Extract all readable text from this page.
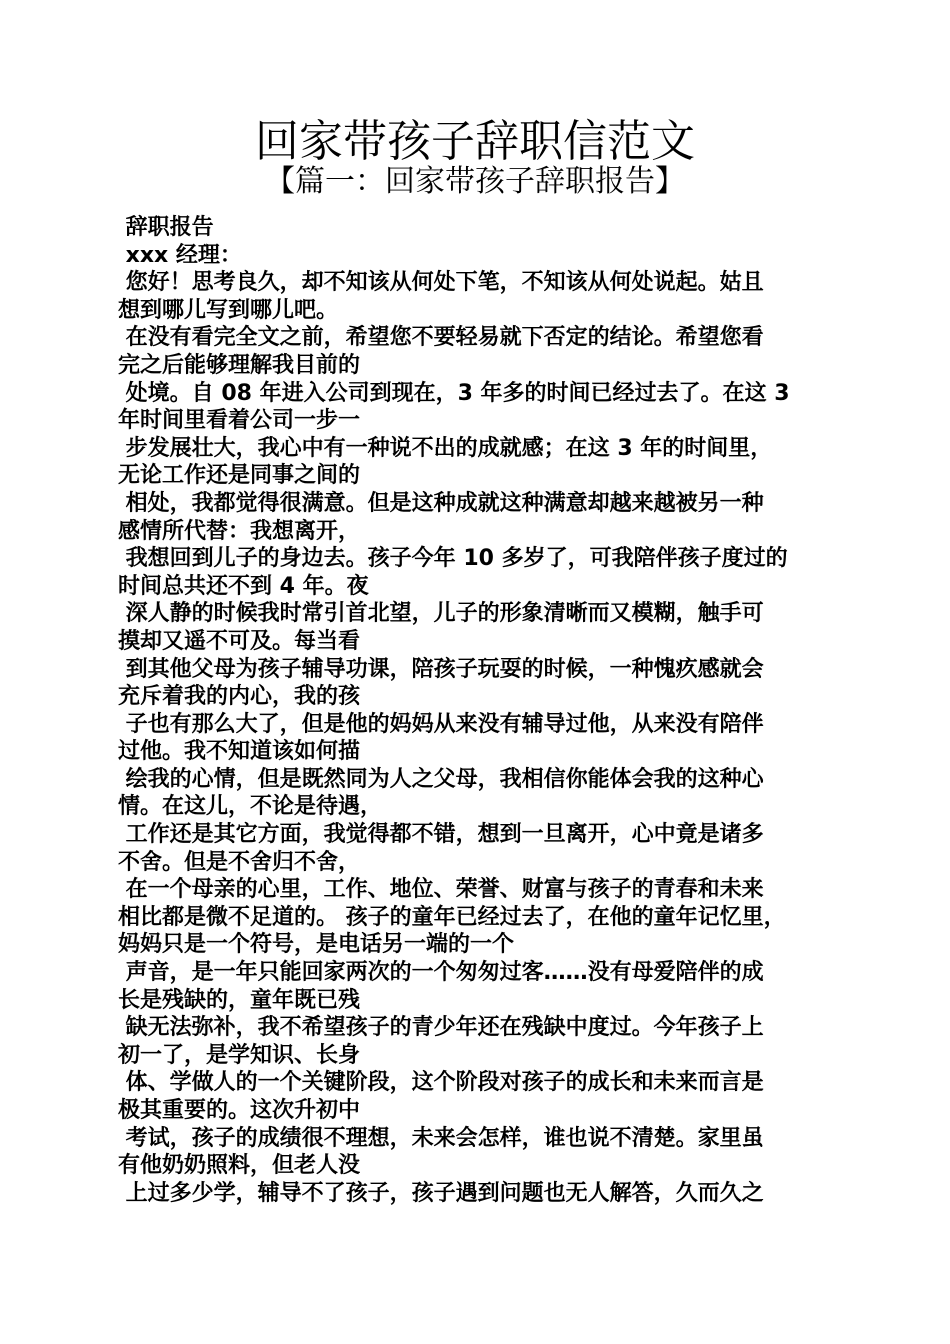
回家带孩子辞职信范文
【篇一：回家带孩子辞职报告】
辞职报告
xxx 经理：
您好！思考良久，却不知该从何处下笔，不知该从何处说起。姑且
想到哪儿写到哪儿吧。
在没有看完全文之前，希望您不要轻易就下否定的结论。希望您看
完之后能够理解我目前的
处境。自 08 年进入公司到现在，3 年多的时间已经过去了。在这 3
年时间里看着公司一步一
步发展壮大，我心中有一种说不出的成就感；在这 3 年的时间里，
无论工作还是同事之间的
相处，我都觉得很满意。但是这种成就这种满意却越来越被另一种
感情所代替：我想离开，
我想回到儿子的身边去。孩子今年 10 多岁了，可我陪伴孩子度过的
时间总共还不到 4 年。夜
深人静的时候我时常引首北望，儿子的形象清晰而又模糊，触手可
摸却又遥不可及。每当看
到其他父母为孩子辅导功课，陪孩子玩耍的时候，一种愧疚感就会
充斥着我的内心，我的孩
子也有那么大了，但是他的妈妈从来没有辅导过他，从来没有陪伴
过他。我不知道该如何描
绘我的心情，但是既然同为人之父母，我相信你能体会我的这种心
情。在这儿，不论是待遇，
工作还是其它方面，我觉得都不错，想到一旦离开，心中竟是诸多
不舍。但是不舍归不舍，
在一个母亲的心里，工作、地位、荣誉、财富与孩子的青春和未来
相比都是微不足道的。 孩子的童年已经过去了，在他的童年记忆里，
妈妈只是一个符号，是电话另一端的一个
声音，是一年只能回家两次的一个匆匆过客……没有母爱陪伴的成
长是残缺的，童年既已残
缺无法弥补，我不希望孩子的青少年还在残缺中度过。今年孩子上
初一了，是学知识、长身
体、学做人的一个关键阶段，这个阶段对孩子的成长和未来而言是
极其重要的。这次升初中
考试，孩子的成绩很不理想，未来会怎样，谁也说不清楚。家里虽
有他奶奶照料，但老人没
上过多少学，辅导不了孩子，孩子遇到问题也无人解答，久而久之
